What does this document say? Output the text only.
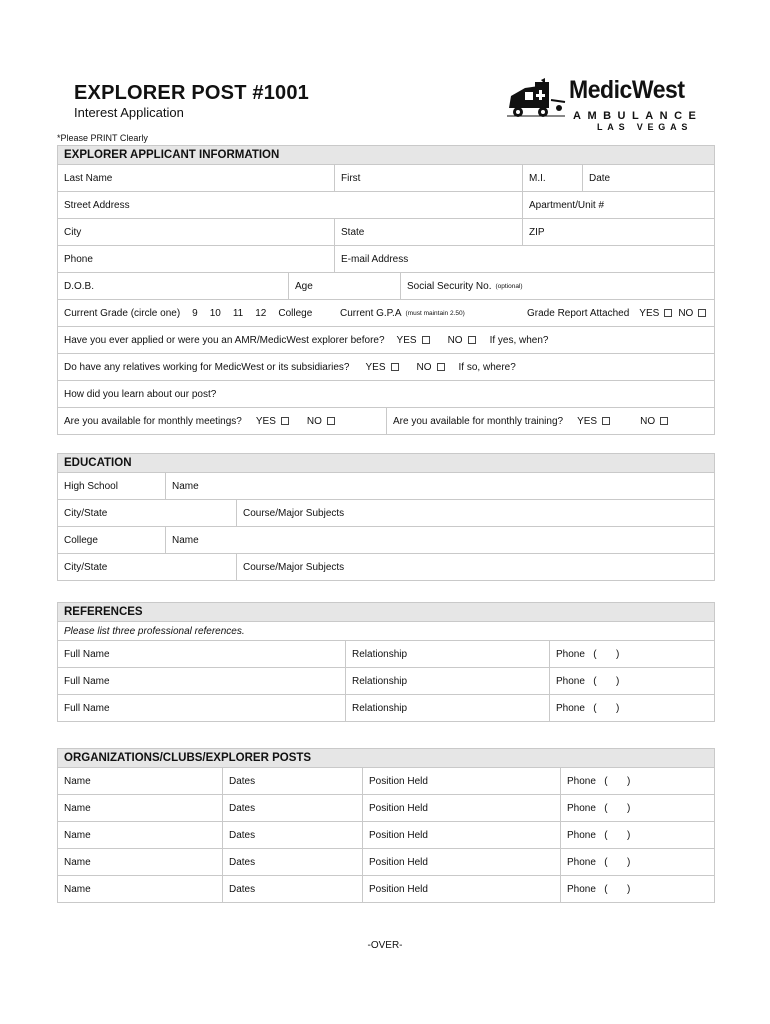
EXPLORER POST #1001
Interest Application
*Please PRINT Clearly
MedicWest
AMBULANCE
LAS VEGAS
EXPLORER APPLICANT INFORMATION
Last Name	First	M.I.	Date
Street Address	Apartment/Unit #
City	State	ZIP
Phone	E-mail Address
D.O.B.	Age	Social Security No. (optional)
Current Grade (circle one) 9 10 11 12 College	Current G.P.A (must maintain 2.50)	Grade Report Attached YES NO
Have you ever applied or were you an AMR/MedicWest explorer before? YES	NO	If yes, when?
Do have any relatives working for MedicWest or its subsidiaries? YES	NO	If so, where?
How did you learn about our post?
Are you available for monthly meetings? YES	NO	Are you available for monthly training? YES	NO
EDUCATION
High School	Name
City/State	Course/Major Subjects
College	Name
City/State	Course/Major Subjects
REFERENCES
Please list three professional references.
Full Name	Relationship	Phone   (       )
Full Name	Relationship	Phone   (       )
Full Name	Relationship	Phone   (       )
ORGANIZATIONS/CLUBS/EXPLORER POSTS
Name	Dates	Position Held	Phone   (       )
Name	Dates	Position Held	Phone   (       )
Name	Dates	Position Held	Phone   (       )
Name	Dates	Position Held	Phone   (       )
Name	Dates	Position Held	Phone   (       )
-OVER-
